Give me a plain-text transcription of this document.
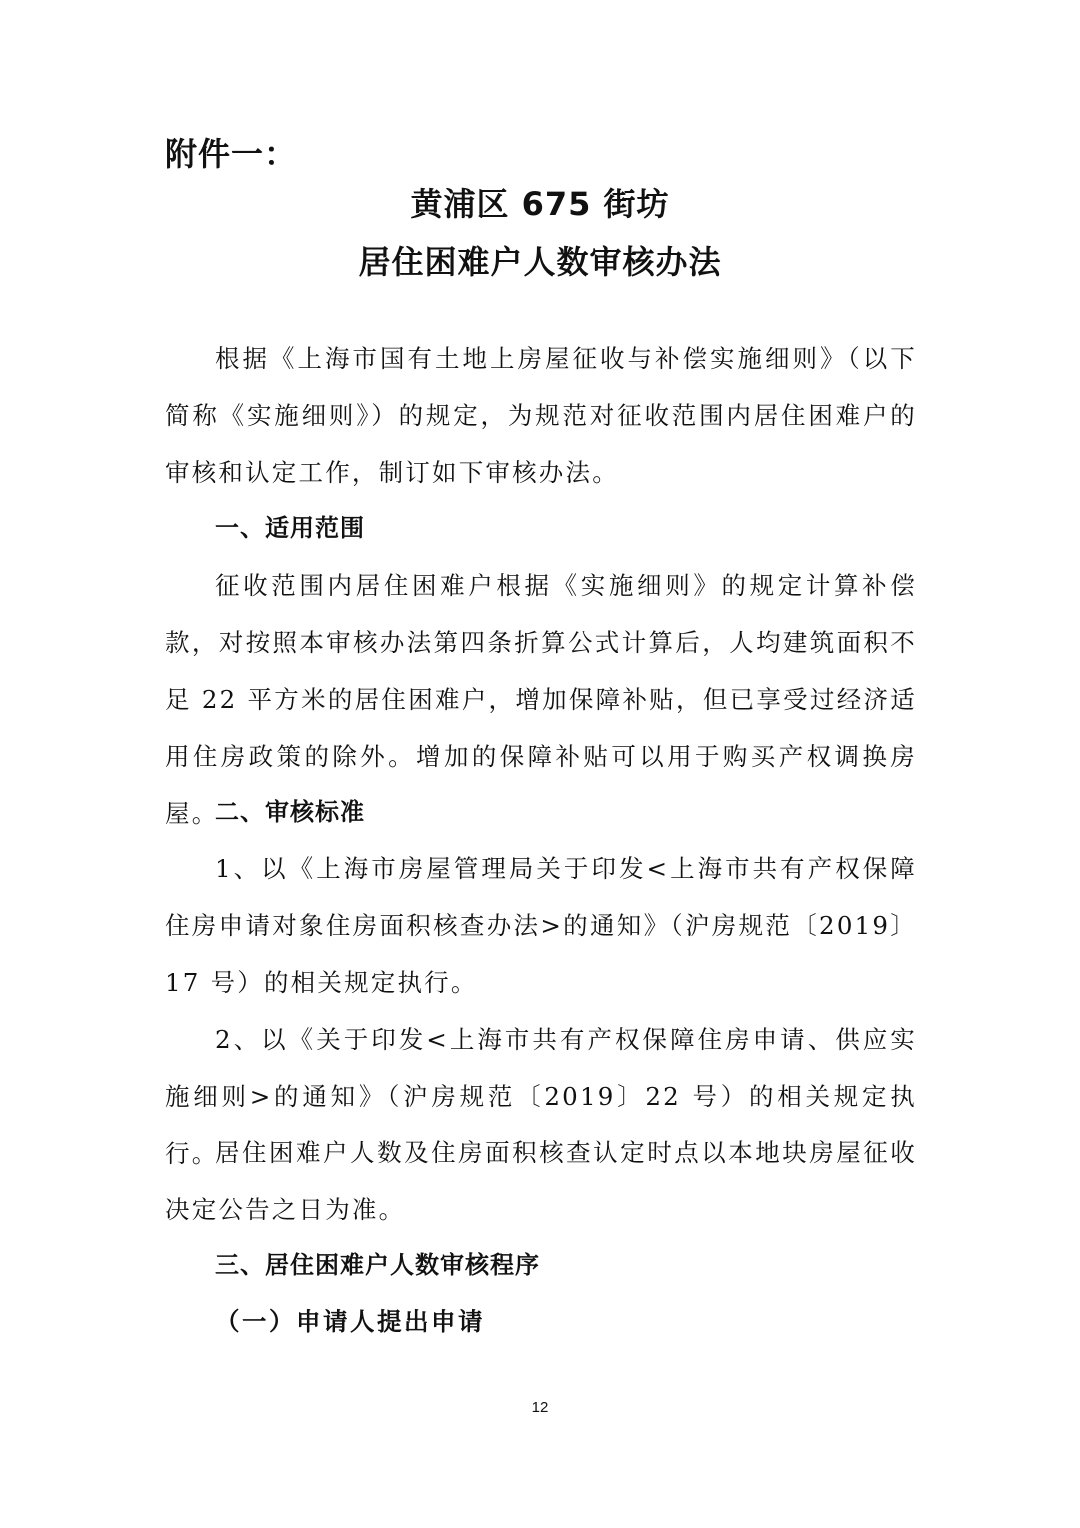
附件一：
黄浦区 675 街坊
居住困难户人数审核办法
根据《上海市国有土地上房屋征收与补偿实施细则》（以下简称《实施细则》）的规定，为规范对征收范围内居住困难户的审核和认定工作，制订如下审核办法。
一、适用范围
征收范围内居住困难户根据《实施细则》的规定计算补偿款，对按照本审核办法第四条折算公式计算后，人均建筑面积不足 22 平方米的居住困难户，增加保障补贴，但已享受过经济适用住房政策的除外。增加的保障补贴可以用于购买产权调换房屋。
二、审核标准
1、以《上海市房屋管理局关于印发<上海市共有产权保障住房申请对象住房面积核查办法>的通知》（沪房规范〔2019〕17 号）的相关规定执行。
2、以《关于印发<上海市共有产权保障住房申请、供应实施细则>的通知》（沪房规范〔2019〕22 号）的相关规定执行。
居住困难户人数及住房面积核查认定时点以本地块房屋征收决定公告之日为准。
三、居住困难户人数审核程序
（一）申请人提出申请
12
